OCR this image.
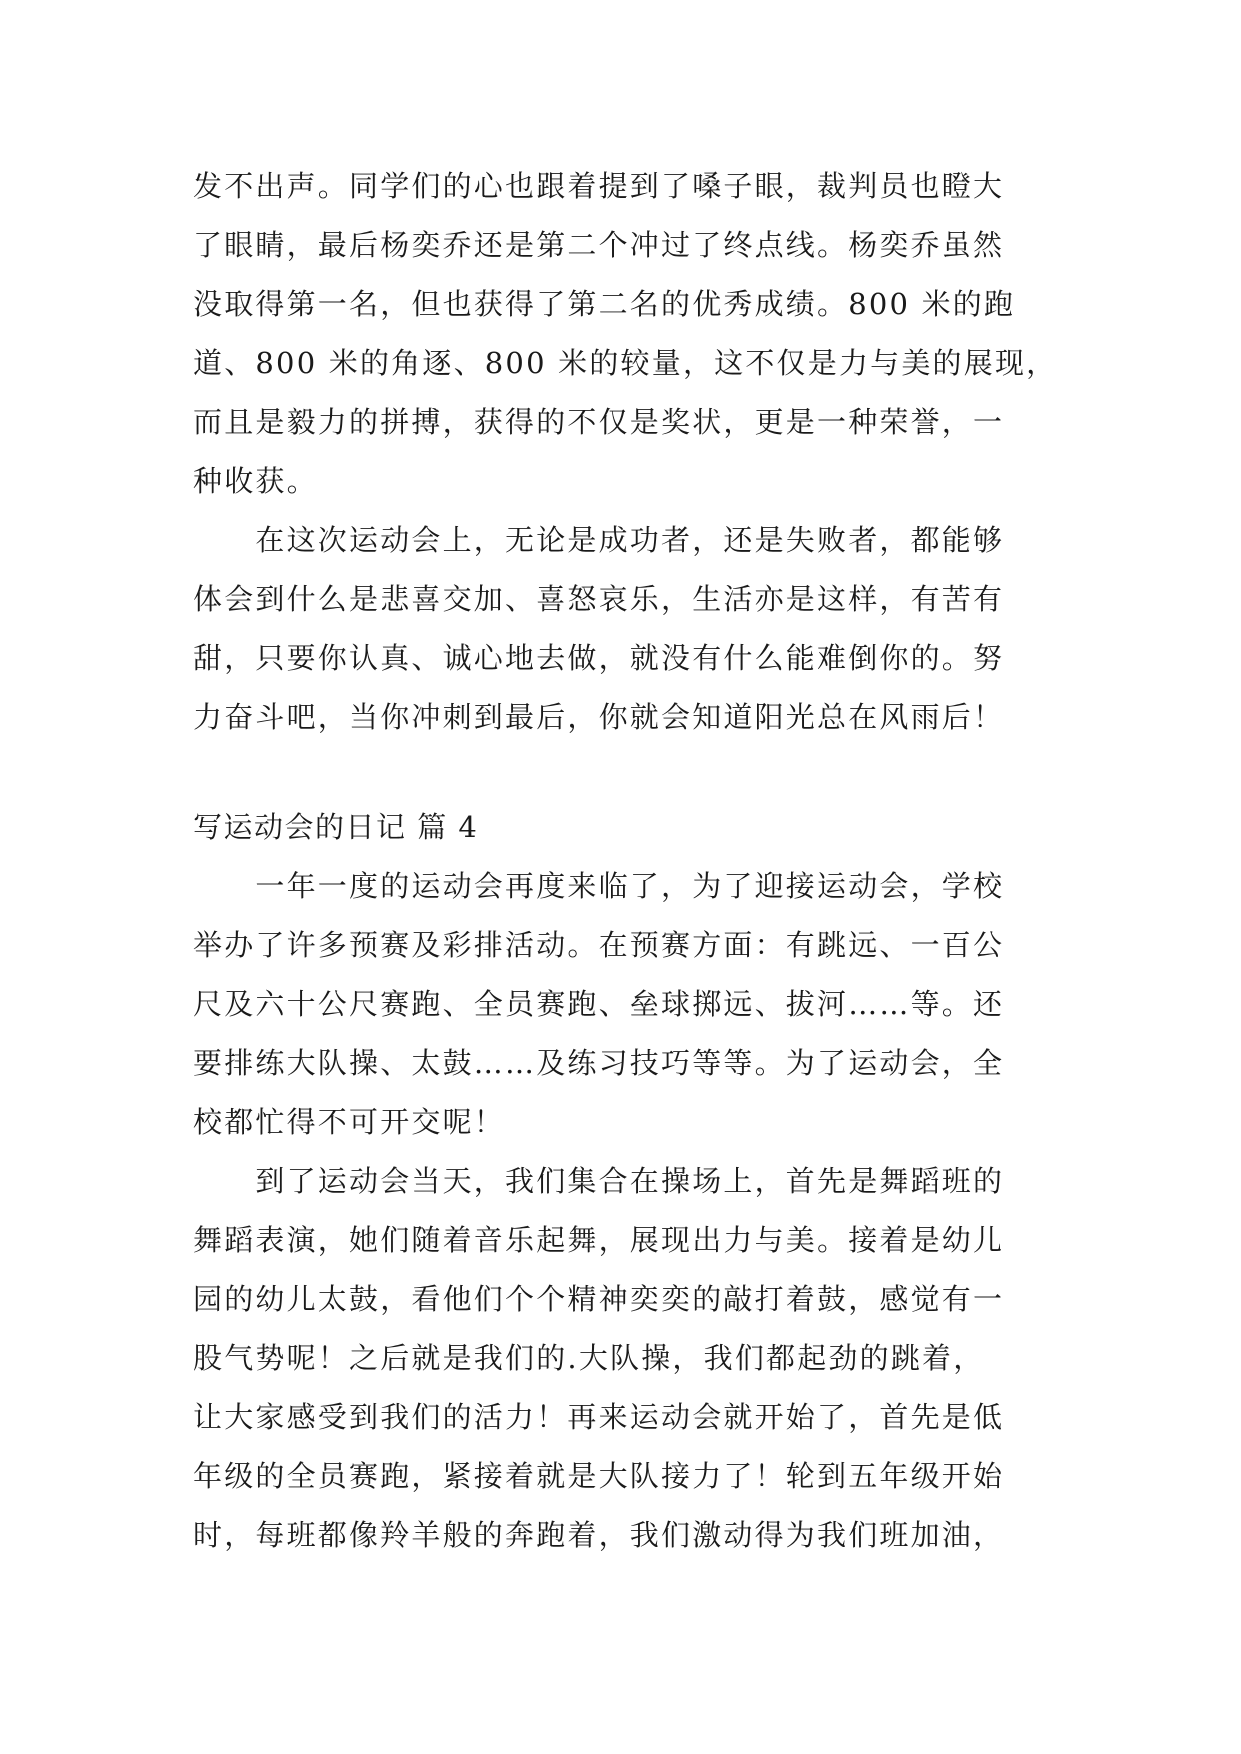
发不出声。同学们的心也跟着提到了嗓子眼，裁判员也瞪大
了眼睛，最后杨奕乔还是第二个冲过了终点线。杨奕乔虽然
没取得第一名，但也获得了第二名的优秀成绩。800 米的跑
道、800 米的角逐、800 米的较量，这不仅是力与美的展现，
而且是毅力的拼搏，获得的不仅是奖状，更是一种荣誉，一
种收获。
　　在这次运动会上，无论是成功者，还是失败者，都能够
体会到什么是悲喜交加、喜怒哀乐，生活亦是这样，有苦有
甜，只要你认真、诚心地去做，就没有什么能难倒你的。努
力奋斗吧，当你冲刺到最后，你就会知道阳光总在风雨后！
写运动会的日记 篇 4
　　一年一度的运动会再度来临了，为了迎接运动会，学校
举办了许多预赛及彩排活动。在预赛方面：有跳远、一百公
尺及六十公尺赛跑、全员赛跑、垒球掷远、拔河……等。还
要排练大队操、太鼓……及练习技巧等等。为了运动会，全
校都忙得不可开交呢！
　　到了运动会当天，我们集合在操场上，首先是舞蹈班的
舞蹈表演，她们随着音乐起舞，展现出力与美。接着是幼儿
园的幼儿太鼓，看他们个个精神奕奕的敲打着鼓，感觉有一
股气势呢！之后就是我们的.大队操，我们都起劲的跳着，
让大家感受到我们的活力！再来运动会就开始了，首先是低
年级的全员赛跑，紧接着就是大队接力了！轮到五年级开始
时，每班都像羚羊般的奔跑着，我们激动得为我们班加油，
